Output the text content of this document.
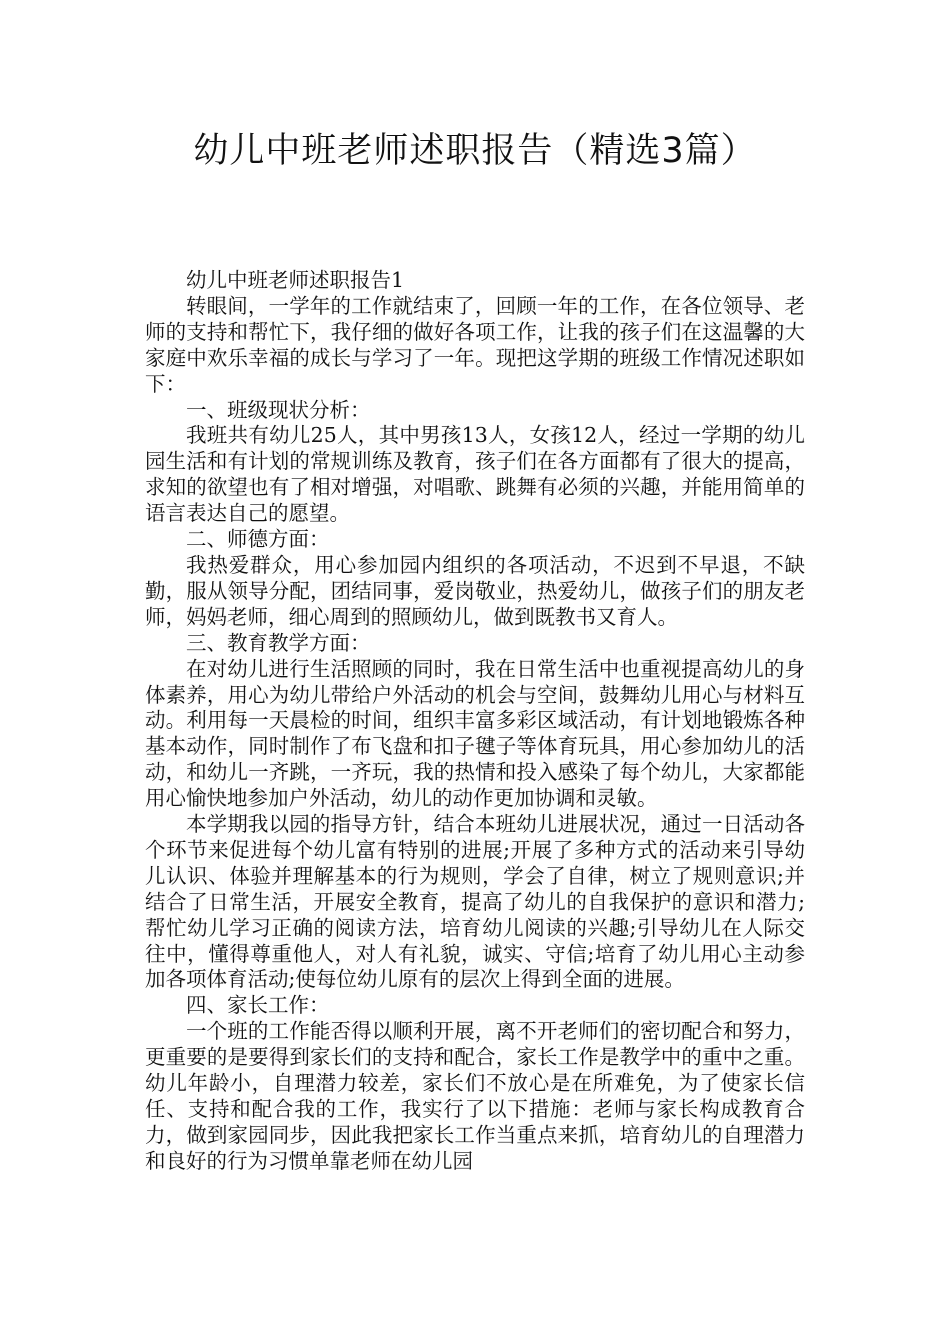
幼儿中班老师述职报告（精选3篇）

幼儿中班老师述职报告1

转眼间，一学年的工作就结束了，回顾一年的工作，在各位领导、老师的支持和帮忙下，我仔细的做好各项工作，让我的孩子们在这温馨的大家庭中欢乐幸福的成长与学习了一年。现把这学期的班级工作情况述职如下：

一、班级现状分析：

我班共有幼儿25人，其中男孩13人，女孩12人，经过一学期的幼儿园生活和有计划的常规训练及教育，孩子们在各方面都有了很大的提高，求知的欲望也有了相对增强，对唱歌、跳舞有必须的兴趣，并能用简单的语言表达自己的愿望。

二、师德方面：

我热爱群众，用心参加园内组织的各项活动，不迟到不早退，不缺勤，服从领导分配，团结同事，爱岗敬业，热爱幼儿，做孩子们的朋友老师，妈妈老师，细心周到的照顾幼儿，做到既教书又育人。

三、教育教学方面：

在对幼儿进行生活照顾的同时，我在日常生活中也重视提高幼儿的身体素养，用心为幼儿带给户外活动的机会与空间，鼓舞幼儿用心与材料互动。利用每一天晨检的时间，组织丰富多彩区域活动，有计划地锻炼各种基本动作，同时制作了布飞盘和扣子毽子等体育玩具，用心参加幼儿的活动，和幼儿一齐跳，一齐玩，我的热情和投入感染了每个幼儿，大家都能用心愉快地参加户外活动，幼儿的动作更加协调和灵敏。

本学期我以园的指导方针，结合本班幼儿进展状况，通过一日活动各个环节来促进每个幼儿富有特别的进展;开展了多种方式的活动来引导幼儿认识、体验并理解基本的行为规则，学会了自律，树立了规则意识;并结合了日常生活，开展安全教育，提高了幼儿的自我保护的意识和潜力;帮忙幼儿学习正确的阅读方法，培育幼儿阅读的兴趣;引导幼儿在人际交往中，懂得尊重他人，对人有礼貌，诚实、守信;培育了幼儿用心主动参加各项体育活动;使每位幼儿原有的层次上得到全面的进展。

四、家长工作：

一个班的工作能否得以顺利开展，离不开老师们的密切配合和努力，更重要的是要得到家长们的支持和配合，家长工作是教学中的重中之重。幼儿年龄小，自理潜力较差，家长们不放心是在所难免，为了使家长信任、支持和配合我的工作，我实行了以下措施：老师与家长构成教育合力，做到家园同步，因此我把家长工作当重点来抓，培育幼儿的自理潜力和良好的行为习惯单靠老师在幼儿园
